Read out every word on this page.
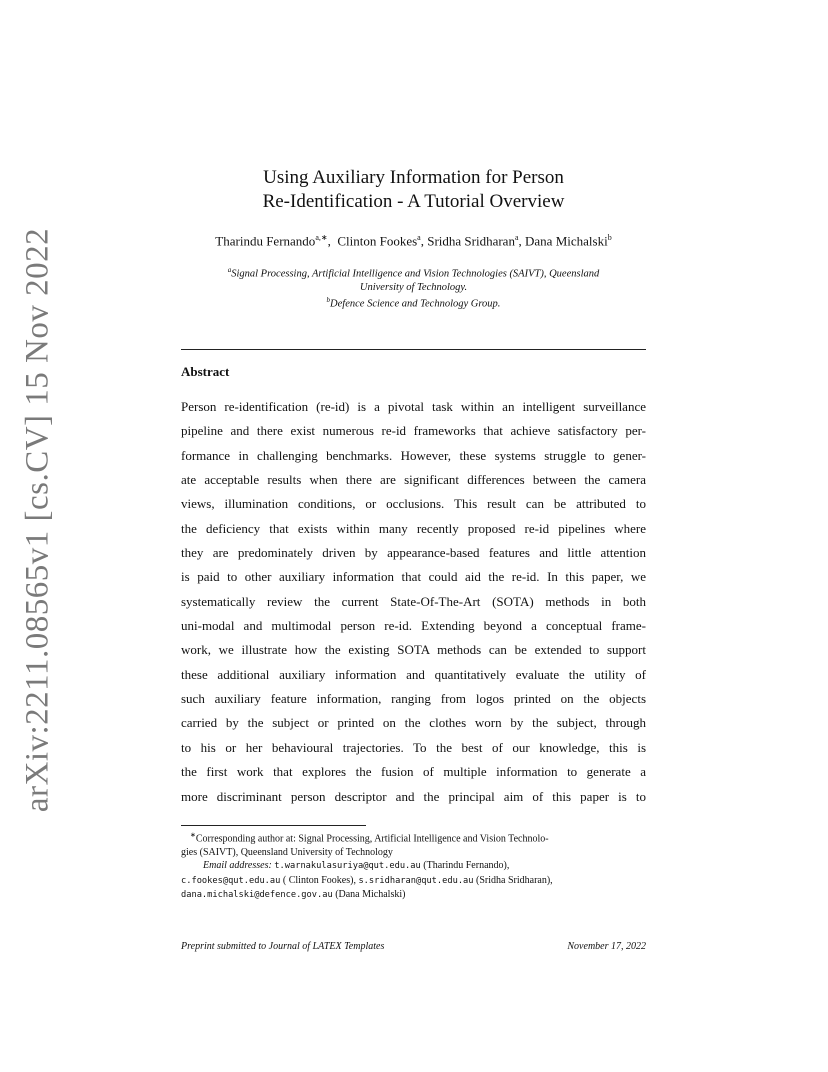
arXiv:2211.08565v1 [cs.CV] 15 Nov 2022
Using Auxiliary Information for Person
Re-Identification - A Tutorial Overview
Tharindu Fernando$^{a,∗}$,  Clinton Fookes$^a$, Sridha Sridharan$^a$, Dana Michalski$^b$
$^a$Signal Processing, Artificial Intelligence and Vision Technologies (SAIVT), Queensland
University of Technology.
$^b$Defence Science and Technology Group.
Abstract
Person re-identification (re-id) is a pivotal task within an intelligent surveillance
pipeline and there exist numerous re-id frameworks that achieve satisfactory per-
formance in challenging benchmarks. However, these systems struggle to gener-
ate acceptable results when there are significant differences between the camera
views, illumination conditions, or occlusions. This result can be attributed to
the deficiency that exists within many recently proposed re-id pipelines where
they are predominately driven by appearance-based features and little attention
is paid to other auxiliary information that could aid the re-id. In this paper, we
systematically review the current State-Of-The-Art (SOTA) methods in both
uni-modal and multimodal person re-id. Extending beyond a conceptual frame-
work, we illustrate how the existing SOTA methods can be extended to support
these additional auxiliary information and quantitatively evaluate the utility of
such auxiliary feature information, ranging from logos printed on the objects
carried by the subject or printed on the clothes worn by the subject, through
to his or her behavioural trajectories. To the best of our knowledge, this is
the first work that explores the fusion of multiple information to generate a
more discriminant person descriptor and the principal aim of this paper is to
∗Corresponding author at: Signal Processing, Artificial Intelligence and Vision Technolo-
gies (SAIVT), Queensland University of Technology
Email addresses: t.warnakulasuriya@qut.edu.au (Tharindu Fernando),
c.fookes@qut.edu.au ( Clinton Fookes), s.sridharan@qut.edu.au (Sridha Sridharan),
dana.michalski@defence.gov.au (Dana Michalski)
Preprint submitted to Journal of LATEX Templates	November 17, 2022
